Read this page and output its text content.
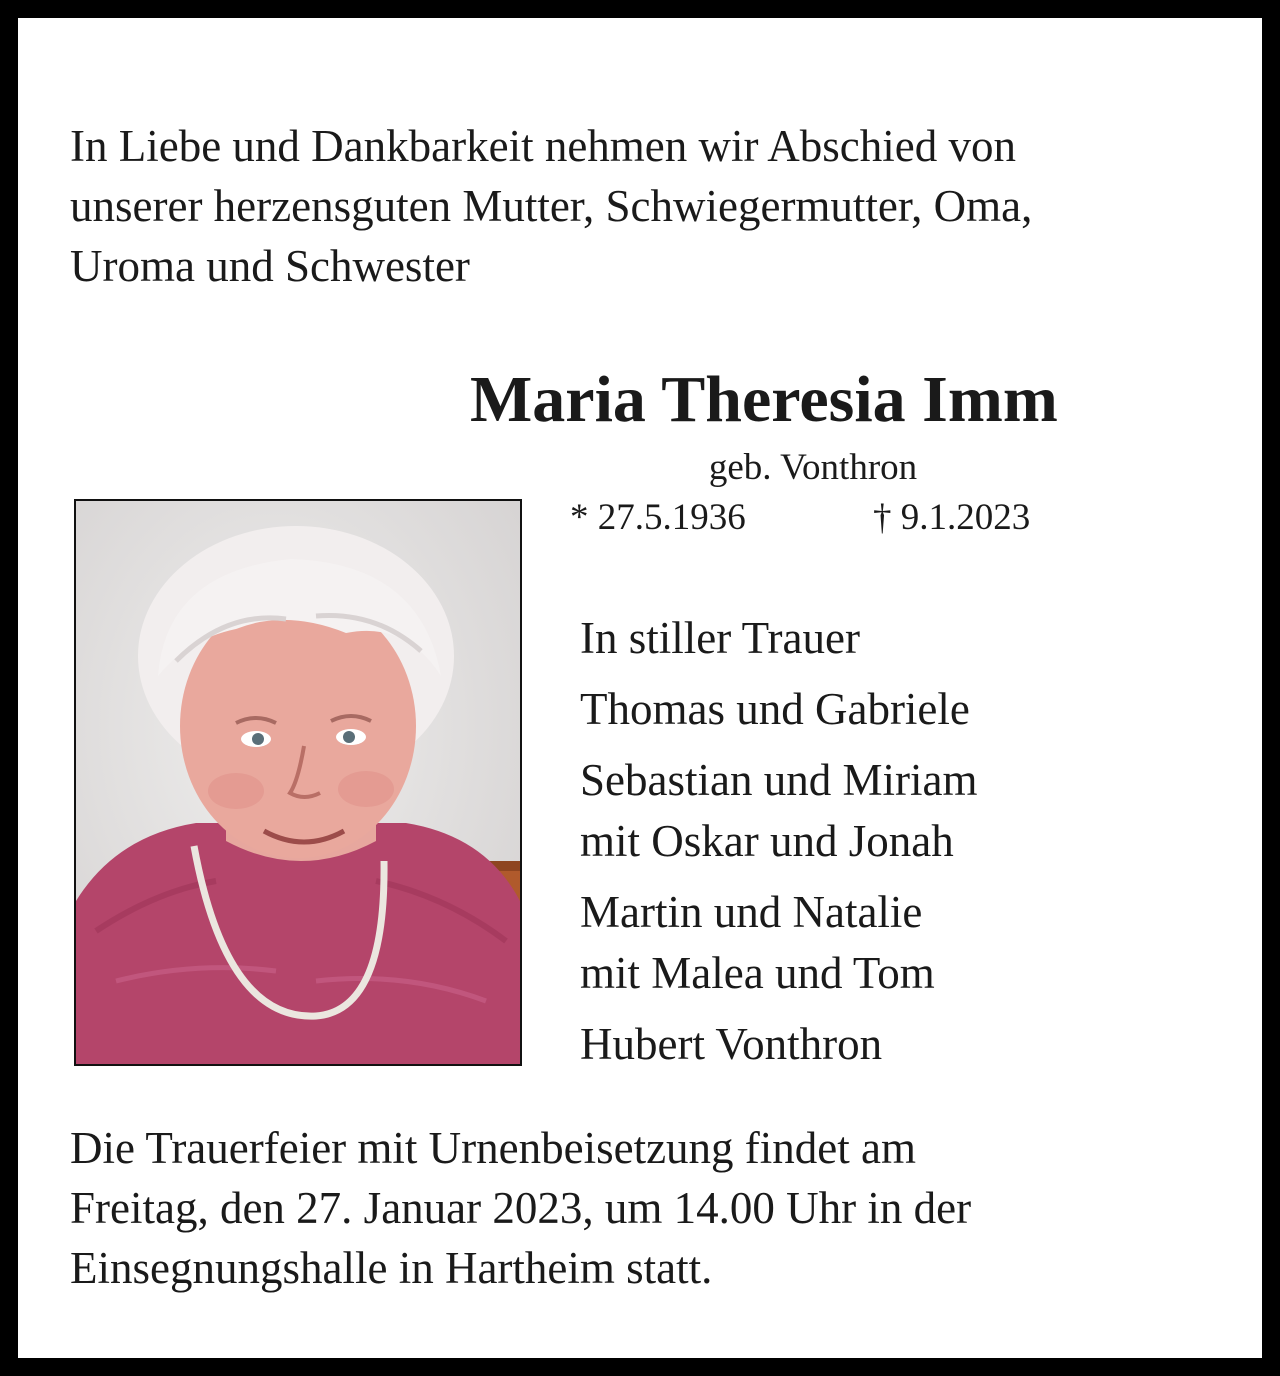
In Liebe und Dankbarkeit nehmen wir Abschied von
unserer herzensguten Mutter, Schwiegermutter, Oma,
Uroma und Schwester

Maria Theresia Imm
geb. Vonthron
* 27.5.1936	† 9.1.2023
In stiller Trauer
Thomas und Gabriele
Sebastian und Miriam
mit Oskar und Jonah
Martin und Natalie
mit Malea und Tom
Hubert Vonthron

Die Trauerfeier mit Urnenbeisetzung findet am
Freitag, den 27. Januar 2023, um 14.00 Uhr in der
Einsegnungshalle in Hartheim statt.
